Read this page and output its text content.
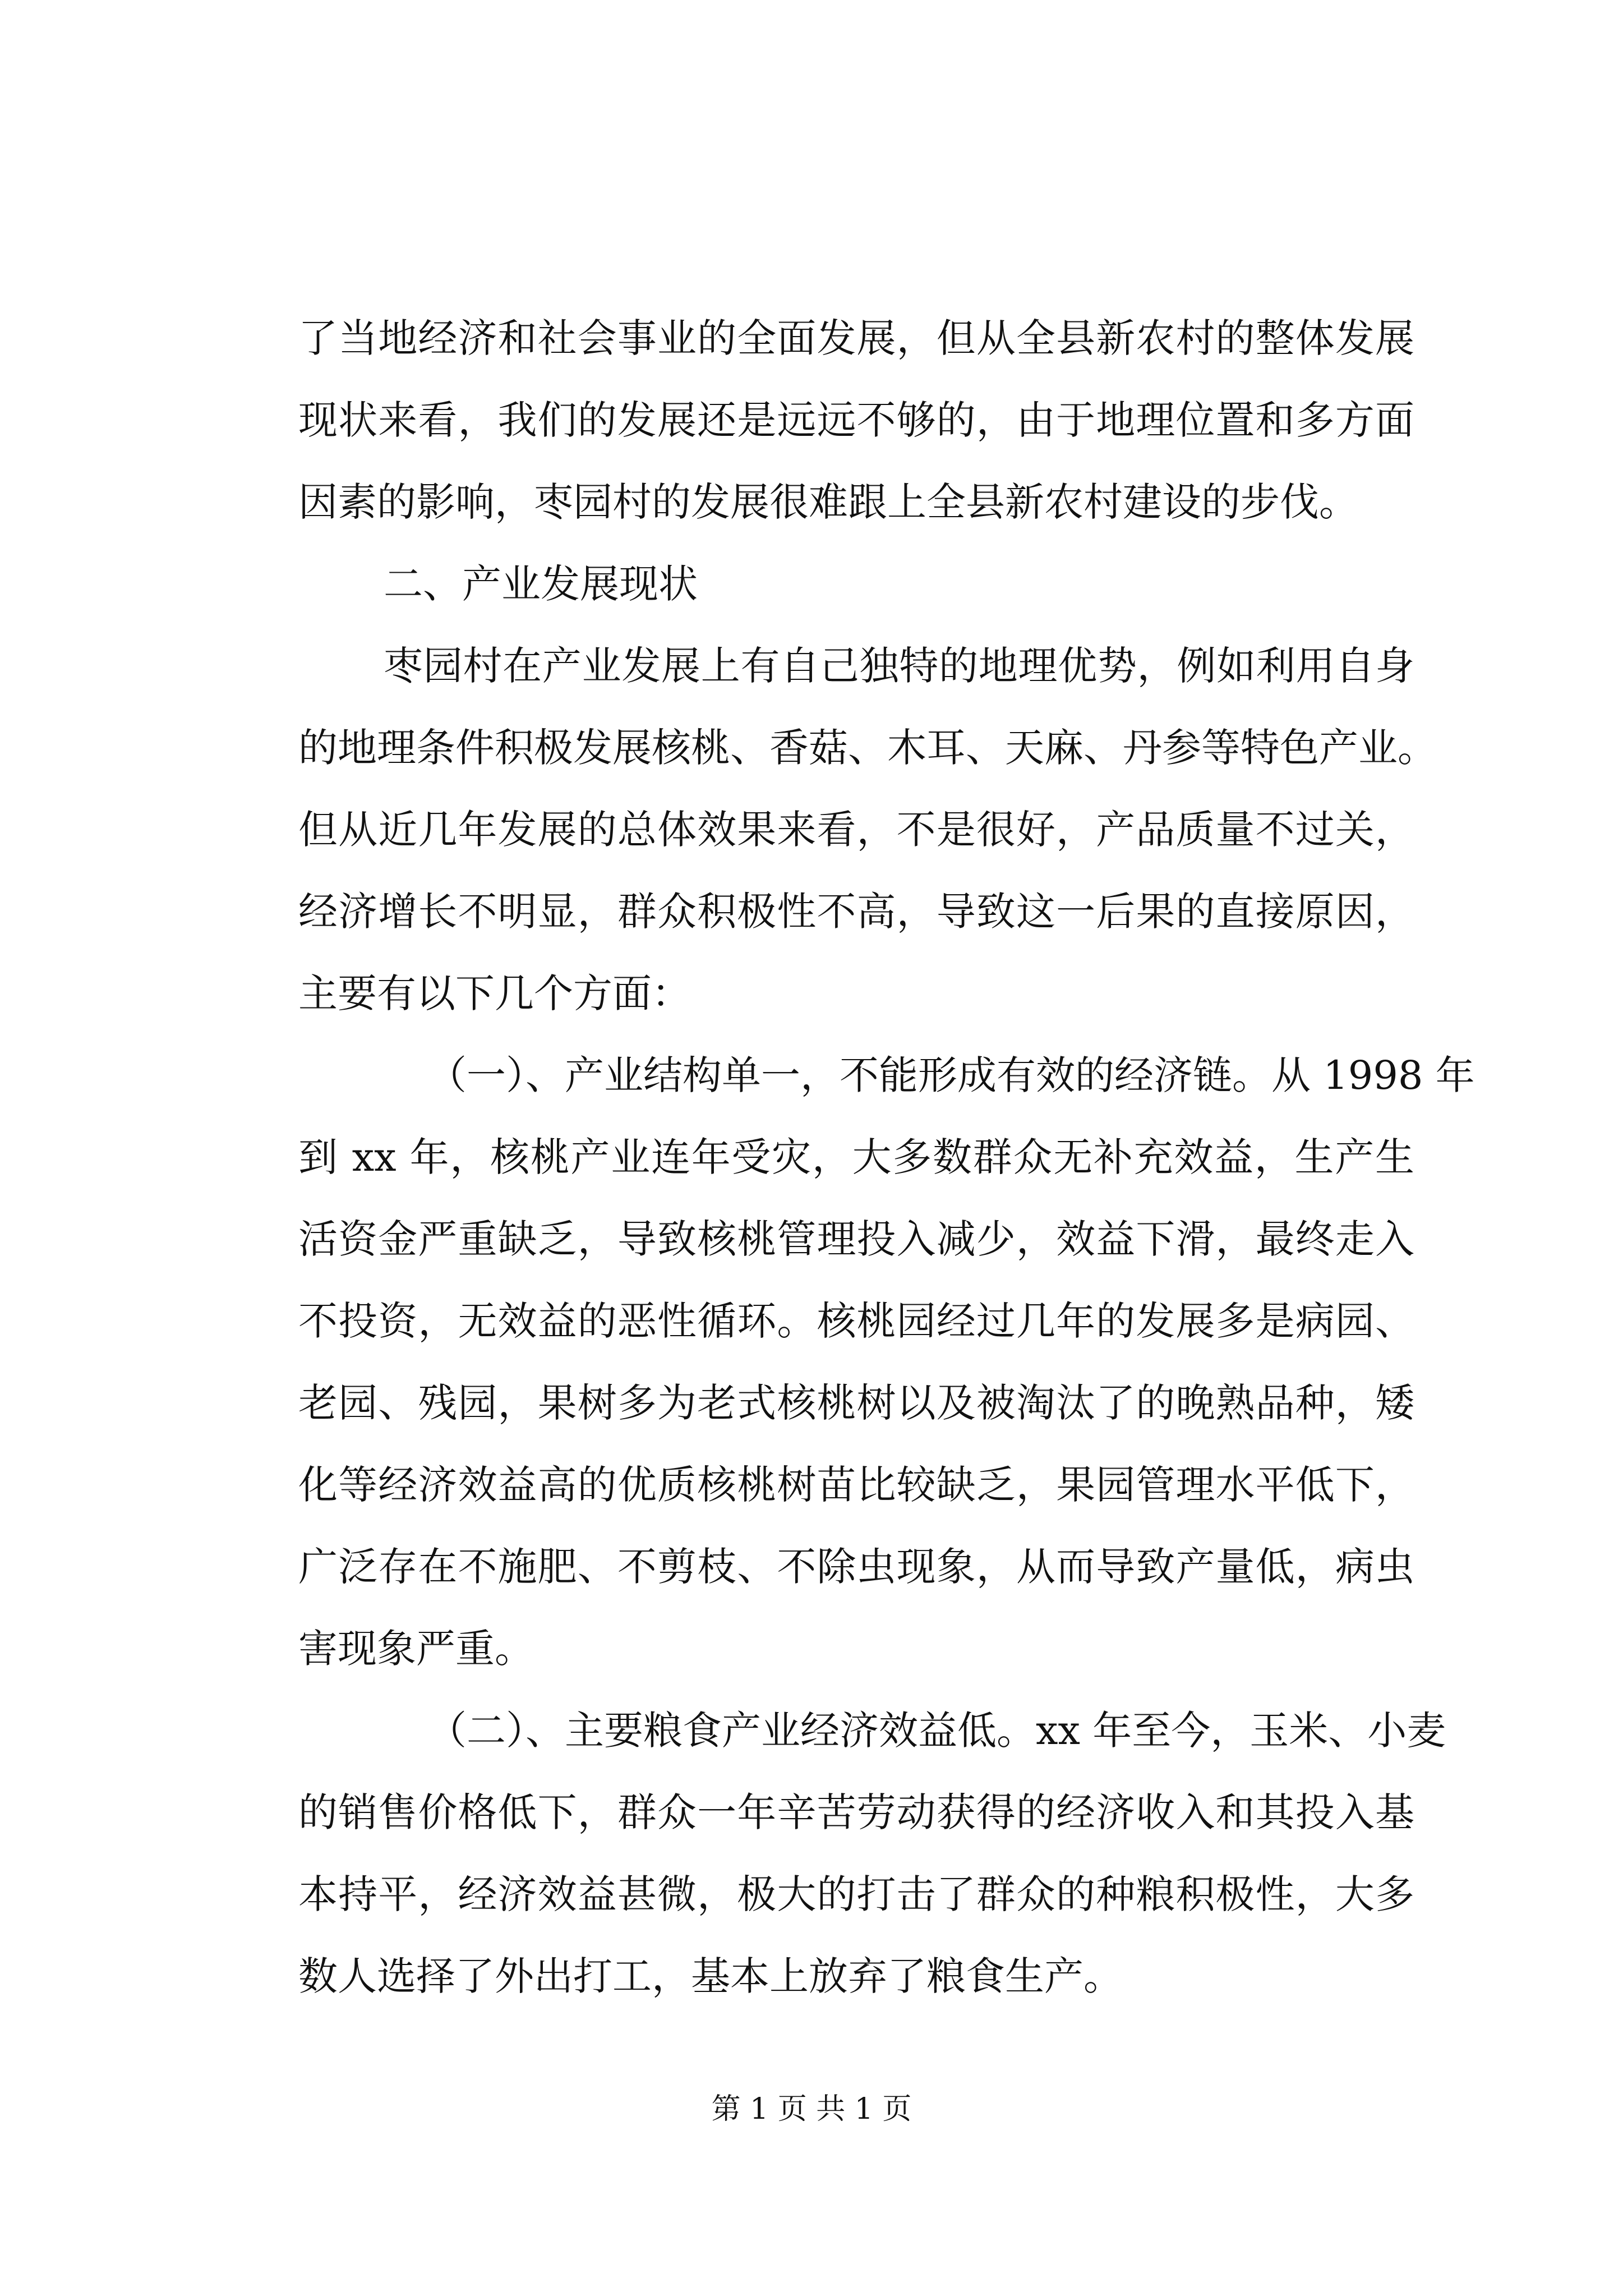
了当地经济和社会事业的全面发展，但从全县新农村的整体发展
现状来看，我们的发展还是远远不够的，由于地理位置和多方面
因素的影响，枣园村的发展很难跟上全县新农村建设的步伐。
二、产业发展现状
枣园村在产业发展上有自己独特的地理优势，例如利用自身
的地理条件积极发展核桃、香菇、木耳、天麻、丹参等特色产业。
但从近几年发展的总体效果来看，不是很好，产品质量不过关，
经济增长不明显，群众积极性不高，导致这一后果的直接原因，
主要有以下几个方面：
（一）、产业结构单一，不能形成有效的经济链。从 1998 年
到 xx 年，核桃产业连年受灾，大多数群众无补充效益，生产生
活资金严重缺乏，导致核桃管理投入减少，效益下滑，最终走入
不投资，无效益的恶性循环。核桃园经过几年的发展多是病园、
老园、残园，果树多为老式核桃树以及被淘汰了的晚熟品种，矮
化等经济效益高的优质核桃树苗比较缺乏，果园管理水平低下，
广泛存在不施肥、不剪枝、不除虫现象，从而导致产量低，病虫
害现象严重。
（二）、主要粮食产业经济效益低。xx 年至今，玉米、小麦
的销售价格低下，群众一年辛苦劳动获得的经济收入和其投入基
本持平，经济效益甚微，极大的打击了群众的种粮积极性，大多
数人选择了外出打工，基本上放弃了粮食生产。
第 1 页 共 1 页
